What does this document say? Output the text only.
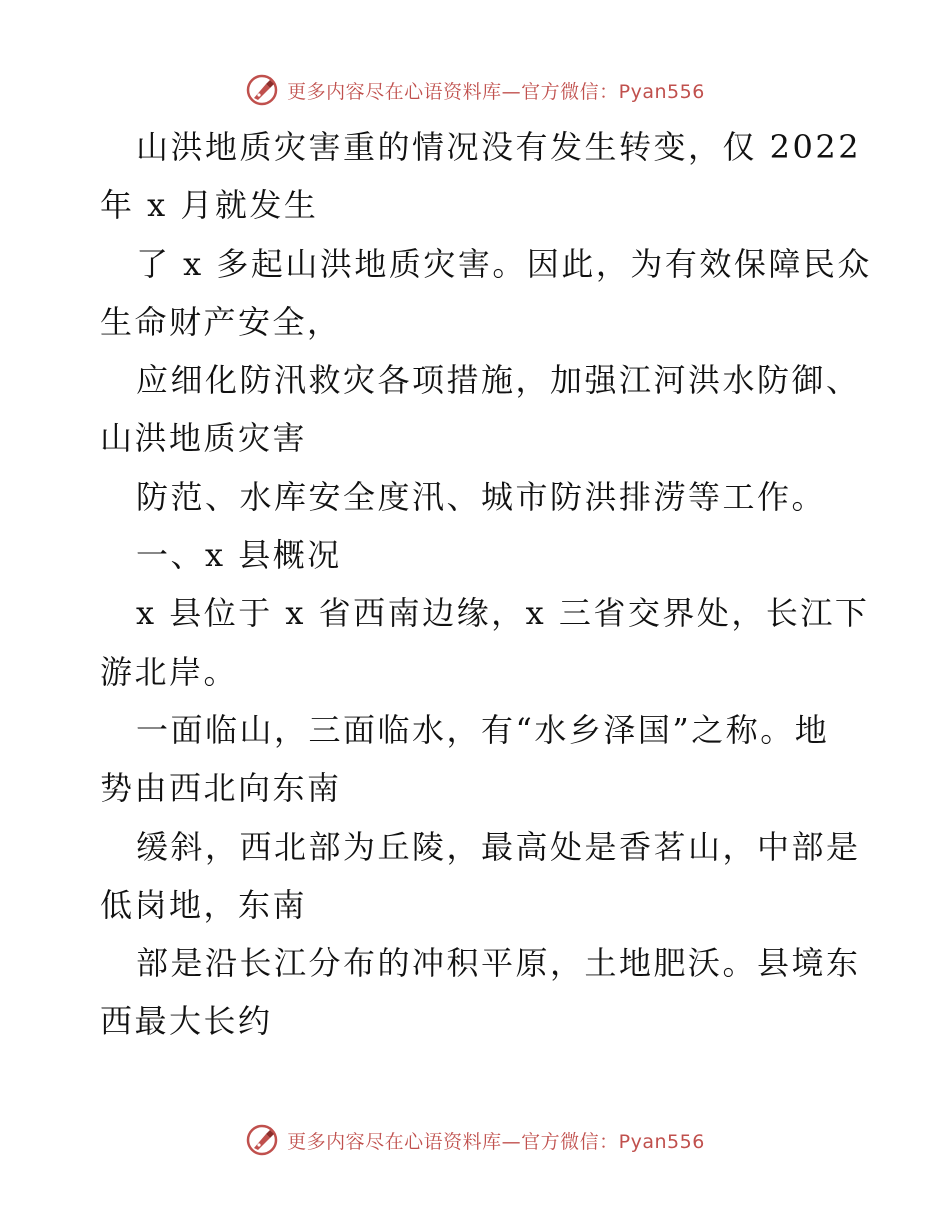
更多内容尽在心语资料库—官方微信：Pyan556
山洪地质灾害重的情况没有发生转变，仅 2022
年 x 月就发生
了 x 多起山洪地质灾害。因此，为有效保障民众
生命财产安全，
应细化防汛救灾各项措施，加强江河洪水防御、
山洪地质灾害
防范、水库安全度汛、城市防洪排涝等工作。
一、x 县概况
x 县位于 x 省西南边缘，x 三省交界处，长江下
游北岸。
一面临山，三面临水，有“水乡泽国”之称。地
势由西北向东南
缓斜，西北部为丘陵，最高处是香茗山，中部是
低岗地，东南
部是沿长江分布的冲积平原，土地肥沃。县境东
西最大长约
更多内容尽在心语资料库—官方微信：Pyan556
